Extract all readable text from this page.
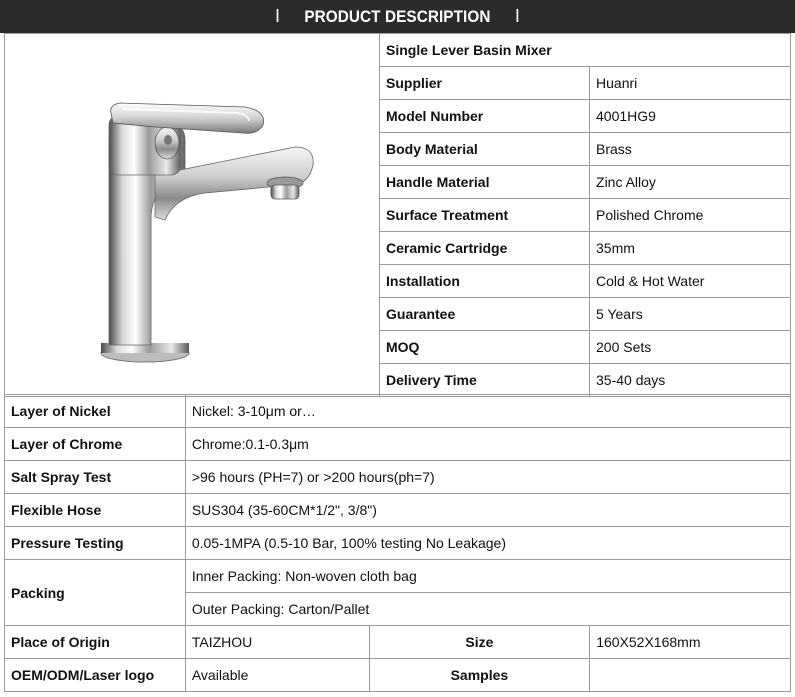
I PRODUCT DESCRIPTION I
	Single Lever Basin Mixer	
	Supplier	Huanri
	Model Number	4001HG9
	Body Material	Brass
	Handle Material	Zinc Alloy
	Surface Treatment	Polished Chrome
	Ceramic Cartridge	35mm
	Installation	Cold & Hot Water
	Guarantee	5 Years
	MOQ	200 Sets
	Delivery Time	35-40 days
Layer of Nickel	Nickel: 3-10μm or…		
Layer of Chrome	Chrome:0.1-0.3μm		
Salt Spray Test	>96 hours (PH=7) or >200 hours(ph=7)		
Flexible Hose	SUS304 (35-60CM*1/2", 3/8")		
Pressure Testing	0.05-1MPA (0.5-10 Bar, 100% testing No Leakage)		
Packing	Inner Packing: Non-woven cloth bag		
	Outer Packing: Carton/Pallet		
Place of Origin	TAIZHOU	Size	160X52X168mm
OEM/ODM/Laser logo	Available	Samples	
